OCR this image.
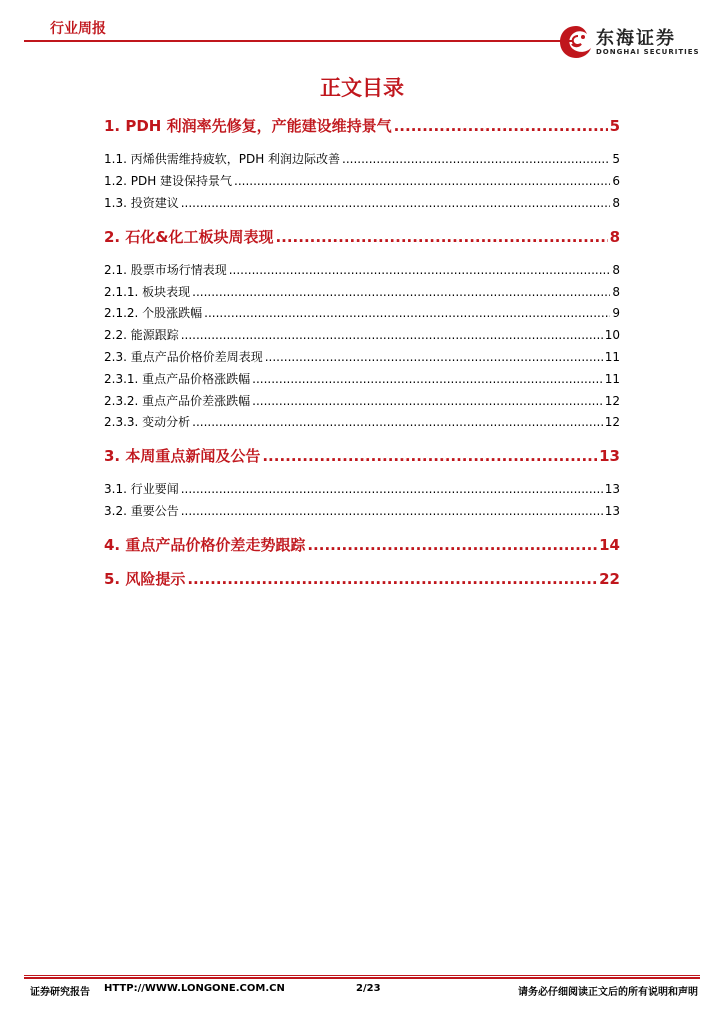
行业周报	东海证券
DONGHAI SECURITIES
正文目录
1. PDH 利润率先修复，产能建设维持景气 .....	5
1.1. 丙烯供需维持疲软，PDH 利润边际改善 .....	5
1.2. PDH 建设保持景气 .....	6
1.3. 投资建议 .....	8
2. 石化&化工板块周表现 .....	8
2.1. 股票市场行情表现 .....	8
2.1.1. 板块表现 .....	8
2.1.2. 个股涨跌幅 .....	9
2.2. 能源跟踪 .....	10
2.3. 重点产品价格价差周表现 .....	11
2.3.1. 重点产品价格涨跌幅 .....	11
2.3.2. 重点产品价差涨跌幅 .....	12
2.3.3. 变动分析 .....	12
3. 本周重点新闻及公告 .....	13
3.1. 行业要闻 .....	13
3.2. 重要公告 .....	13
4. 重点产品价格价差走势跟踪 .....	14
5. 风险提示 .....	22
证券研究报告 HTTP://WWW.LONGONE.COM.CN	2/23	请务必仔细阅读正文后的所有说明和声明
